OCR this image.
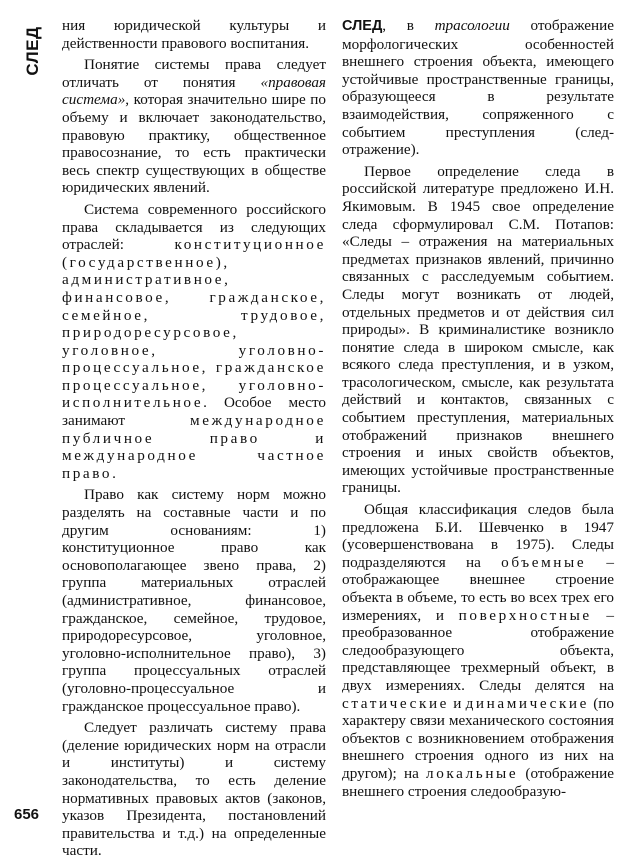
СЛЕД

ния юридической культуры и действенности правового воспитания.

Понятие системы права следует отличать от понятия «правовая система», которая значительно шире по объему и включает законодательство, правовую практику, общественное правосознание, то есть практически весь спектр существующих в обществе юридических явлений.

Система современного российского права складывается из следующих отраслей: конституционное (государственное), административное, финансовое, гражданское, семейное, трудовое, природоресурсовое, уголовное, уголовно-процессуальное, гражданское процессуальное, уголовно-исполнительное. Особое место занимают международное публичное право и международное частное право.

Право как систему норм можно разделять на составные части и по другим основаниям: 1) конституционное право как основополагающее звено права, 2) группа материальных отраслей (административное, финансовое, гражданское, семейное, трудовое, природоресурсовое, уголовное, уголовно-исполнительное право), 3) группа процессуальных отраслей (уголовно-процессуальное и гражданское процессуальное право).

Следует различать систему права (деление юридических норм на отрасли и институты) и систему законодательства, то есть деление нормативных правовых актов (законов, указов Президента, постановлений правительства и т.д.) на определенные части.

СЛЕД, в трасологии отображение морфологических особенностей внешнего строения объекта, имеющего устойчивые пространственные границы, образующееся в результате взаимодействия, сопряженного с событием преступления (след-отражение).

Первое определение следа в российской литературе предложено И.Н. Якимовым. В 1945 свое определение следа сформулировал С.М. Потапов: «Следы – отражения на материальных предметах признаков явлений, причинно связанных с расследуемым событием. Следы могут возникать от людей, отдельных предметов и от действия сил природы». В криминалистике возникло понятие следа в широком смысле, как всякого следа преступления, и в узком, трасологическом, смысле, как результата действий и контактов, связанных с событием преступления, материальных отображений признаков внешнего строения и иных свойств объектов, имеющих устойчивые пространственные границы.

Общая классификация следов была предложена Б.И. Шевченко в 1947 (усовершенствована в 1975). Следы подразделяются на объемные – отображающее внешнее строение объекта в объеме, то есть во всех трех его измерениях, и поверхностные – преобразованное отображение следообразующего объекта, представляющее трехмерный объект, в двух измерениях. Следы делятся на статические и динамические (по характеру связи механического состояния объектов с возникновением отображения внешнего строения одного из них на другом); на локальные (отображение внешнего строения следообразую-

656
